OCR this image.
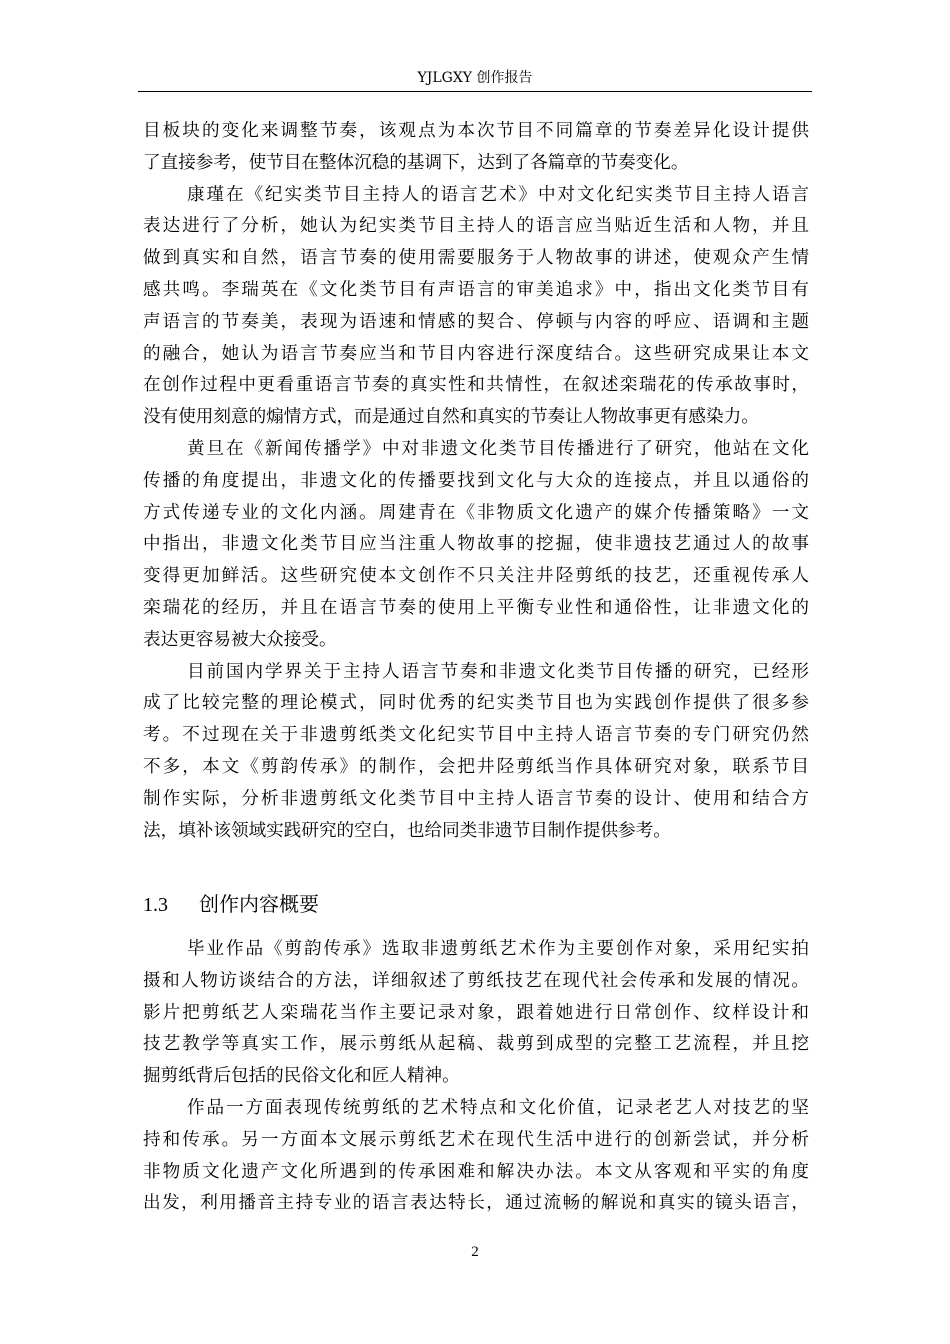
YJLGXY 创作报告
目板块的变化来调整节奏，该观点为本次节目不同篇章的节奏差异化设计提供
了直接参考，使节目在整体沉稳的基调下，达到了各篇章的节奏变化。
康瑾在《纪实类节目主持人的语言艺术》中对文化纪实类节目主持人语言
表达进行了分析，她认为纪实类节目主持人的语言应当贴近生活和人物，并且
做到真实和自然，语言节奏的使用需要服务于人物故事的讲述，使观众产生情
感共鸣。李瑞英在《文化类节目有声语言的审美追求》中，指出文化类节目有
声语言的节奏美，表现为语速和情感的契合、停顿与内容的呼应、语调和主题
的融合，她认为语言节奏应当和节目内容进行深度结合。这些研究成果让本文
在创作过程中更看重语言节奏的真实性和共情性，在叙述栾瑞花的传承故事时，
没有使用刻意的煽情方式，而是通过自然和真实的节奏让人物故事更有感染力。
黄旦在《新闻传播学》中对非遗文化类节目传播进行了研究，他站在文化
传播的角度提出，非遗文化的传播要找到文化与大众的连接点，并且以通俗的
方式传递专业的文化内涵。周建青在《非物质文化遗产的媒介传播策略》一文
中指出，非遗文化类节目应当注重人物故事的挖掘，使非遗技艺通过人的故事
变得更加鲜活。这些研究使本文创作不只关注井陉剪纸的技艺，还重视传承人
栾瑞花的经历，并且在语言节奏的使用上平衡专业性和通俗性，让非遗文化的
表达更容易被大众接受。
目前国内学界关于主持人语言节奏和非遗文化类节目传播的研究，已经形
成了比较完整的理论模式，同时优秀的纪实类节目也为实践创作提供了很多参
考。不过现在关于非遗剪纸类文化纪实节目中主持人语言节奏的专门研究仍然
不多，本文《剪韵传承》的制作，会把井陉剪纸当作具体研究对象，联系节目
制作实际，分析非遗剪纸文化类节目中主持人语言节奏的设计、使用和结合方
法，填补该领域实践研究的空白，也给同类非遗节目制作提供参考。
1.3 创作内容概要
毕业作品《剪韵传承》选取非遗剪纸艺术作为主要创作对象，采用纪实拍
摄和人物访谈结合的方法，详细叙述了剪纸技艺在现代社会传承和发展的情况。
影片把剪纸艺人栾瑞花当作主要记录对象，跟着她进行日常创作、纹样设计和
技艺教学等真实工作，展示剪纸从起稿、裁剪到成型的完整工艺流程，并且挖
掘剪纸背后包括的民俗文化和匠人精神。
作品一方面表现传统剪纸的艺术特点和文化价值，记录老艺人对技艺的坚
持和传承。另一方面本文展示剪纸艺术在现代生活中进行的创新尝试，并分析
非物质文化遗产文化所遇到的传承困难和解决办法。本文从客观和平实的角度
出发，利用播音主持专业的语言表达特长，通过流畅的解说和真实的镜头语言，
2
